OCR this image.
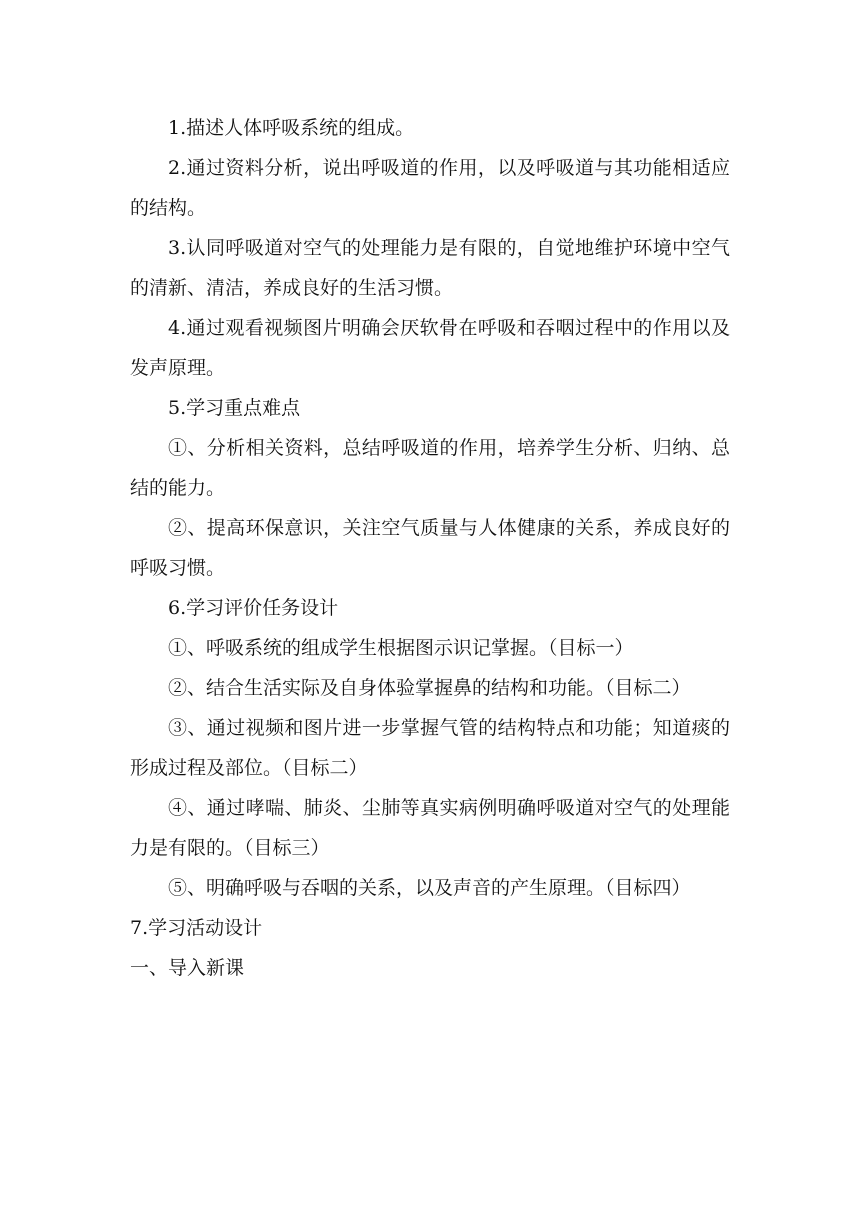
1.描述人体呼吸系统的组成。

2.通过资料分析，说出呼吸道的作用，以及呼吸道与其功能相适应的结构。

3.认同呼吸道对空气的处理能力是有限的，自觉地维护环境中空气的清新、清洁，养成良好的生活习惯。

4.通过观看视频图片明确会厌软骨在呼吸和吞咽过程中的作用以及发声原理。

5.学习重点难点

①、分析相关资料，总结呼吸道的作用，培养学生分析、归纳、总结的能力。

②、提高环保意识，关注空气质量与人体健康的关系，养成良好的呼吸习惯。

6.学习评价任务设计

①、呼吸系统的组成学生根据图示识记掌握。（目标一）

②、结合生活实际及自身体验掌握鼻的结构和功能。（目标二）

③、通过视频和图片进一步掌握气管的结构特点和功能；知道痰的形成过程及部位。（目标二）

④、通过哮喘、肺炎、尘肺等真实病例明确呼吸道对空气的处理能力是有限的。（目标三）

⑤、明确呼吸与吞咽的关系，以及声音的产生原理。（目标四）

7.学习活动设计

一、导入新课
